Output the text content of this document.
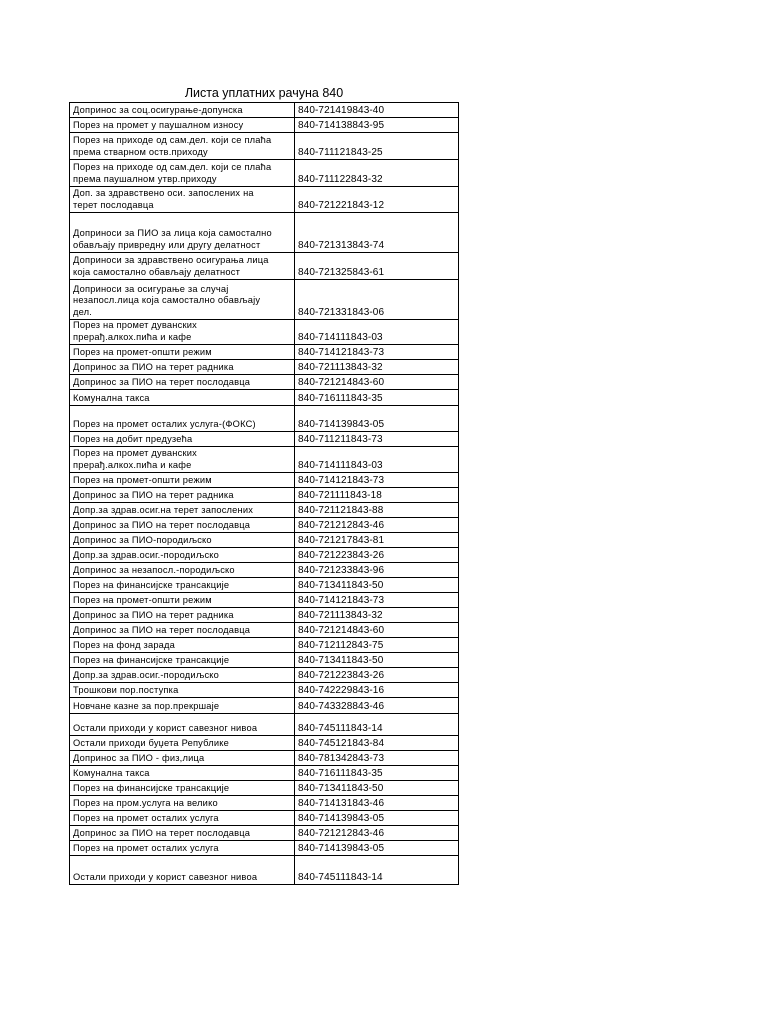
Листа уплатних рачуна 840
Допринос за соц.осигурање-допунска	840-721419843-40
Порез на промет у паушалном износу	840-714138843-95
Порез на приходе од сам.дел. који се плаћа
према стварном оств.приходу	840-711121843-25
Порез на приходе од сам.дел. који се плаћа
према паушалном утвр.приходу	840-711122843-32
Доп. за здравствено оси. запослених на
терет послодавца	840-721221843-12
Доприноси за ПИО за лица која самостално
обављају привредну или другу делатност	840-721313843-74
Доприноси за здравствено осигурања лица
која самостално обављају делатност	840-721325843-61
Доприноси за осигурање за случај
незапосл.лица која самостално обављају
дел.	840-721331843-06
Порез на промет дуванских
прерађ.алкох.пића и кафе	840-714111843-03
Порез на промет-општи режим	840-714121843-73
Допринос за ПИО на терет радника	840-721113843-32
Допринос за ПИО на терет послодавца	840-721214843-60
Комунална такса	840-716111843-35
Порез на промет осталих услуга-(ФОКС)	840-714139843-05
Порез на добит предузећа	840-711211843-73
Порез на промет дуванских
прерађ.алкох.пића и кафе	840-714111843-03
Порез на промет-општи режим	840-714121843-73
Допринос за ПИО на терет радника	840-721111843-18
Допр.за здрав.осиг.на терет запослених	840-721121843-88
Допринос за ПИО на терет послодавца	840-721212843-46
Допринос за ПИО-породиљско	840-721217843-81
Допр.за здрав.осиг.-породиљско	840-721223843-26
Допринос за незапосл.-породиљско	840-721233843-96
Порез на финансијске трансакције	840-713411843-50
Порез на промет-општи режим	840-714121843-73
Допринос за ПИО на терет радника	840-721113843-32
Допринос за ПИО на терет послодавца	840-721214843-60
Порез на фонд зарада	840-712112843-75
Порез на финансијске трансакције	840-713411843-50
Допр.за здрав.осиг.-породиљско	840-721223843-26
Трошкови пор.поступка	840-742229843-16
Новчане казне за пор.прекршаје	840-743328843-46
Остали приходи у корист савезног нивоа	840-745111843-14
Остали приходи буџета Републике	840-745121843-84
Допринос за ПИО - физ,лица	840-781342843-73
Комунална такса	840-716111843-35
Порез на финансијске трансакције	840-713411843-50
Порез на пром.услуга на велико	840-714131843-46
Порез на промет осталих услуга	840-714139843-05
Допринос за ПИО на терет послодавца	840-721212843-46
Порез на промет осталих услуга	840-714139843-05
Остали приходи у корист савезног нивоа	840-745111843-14
